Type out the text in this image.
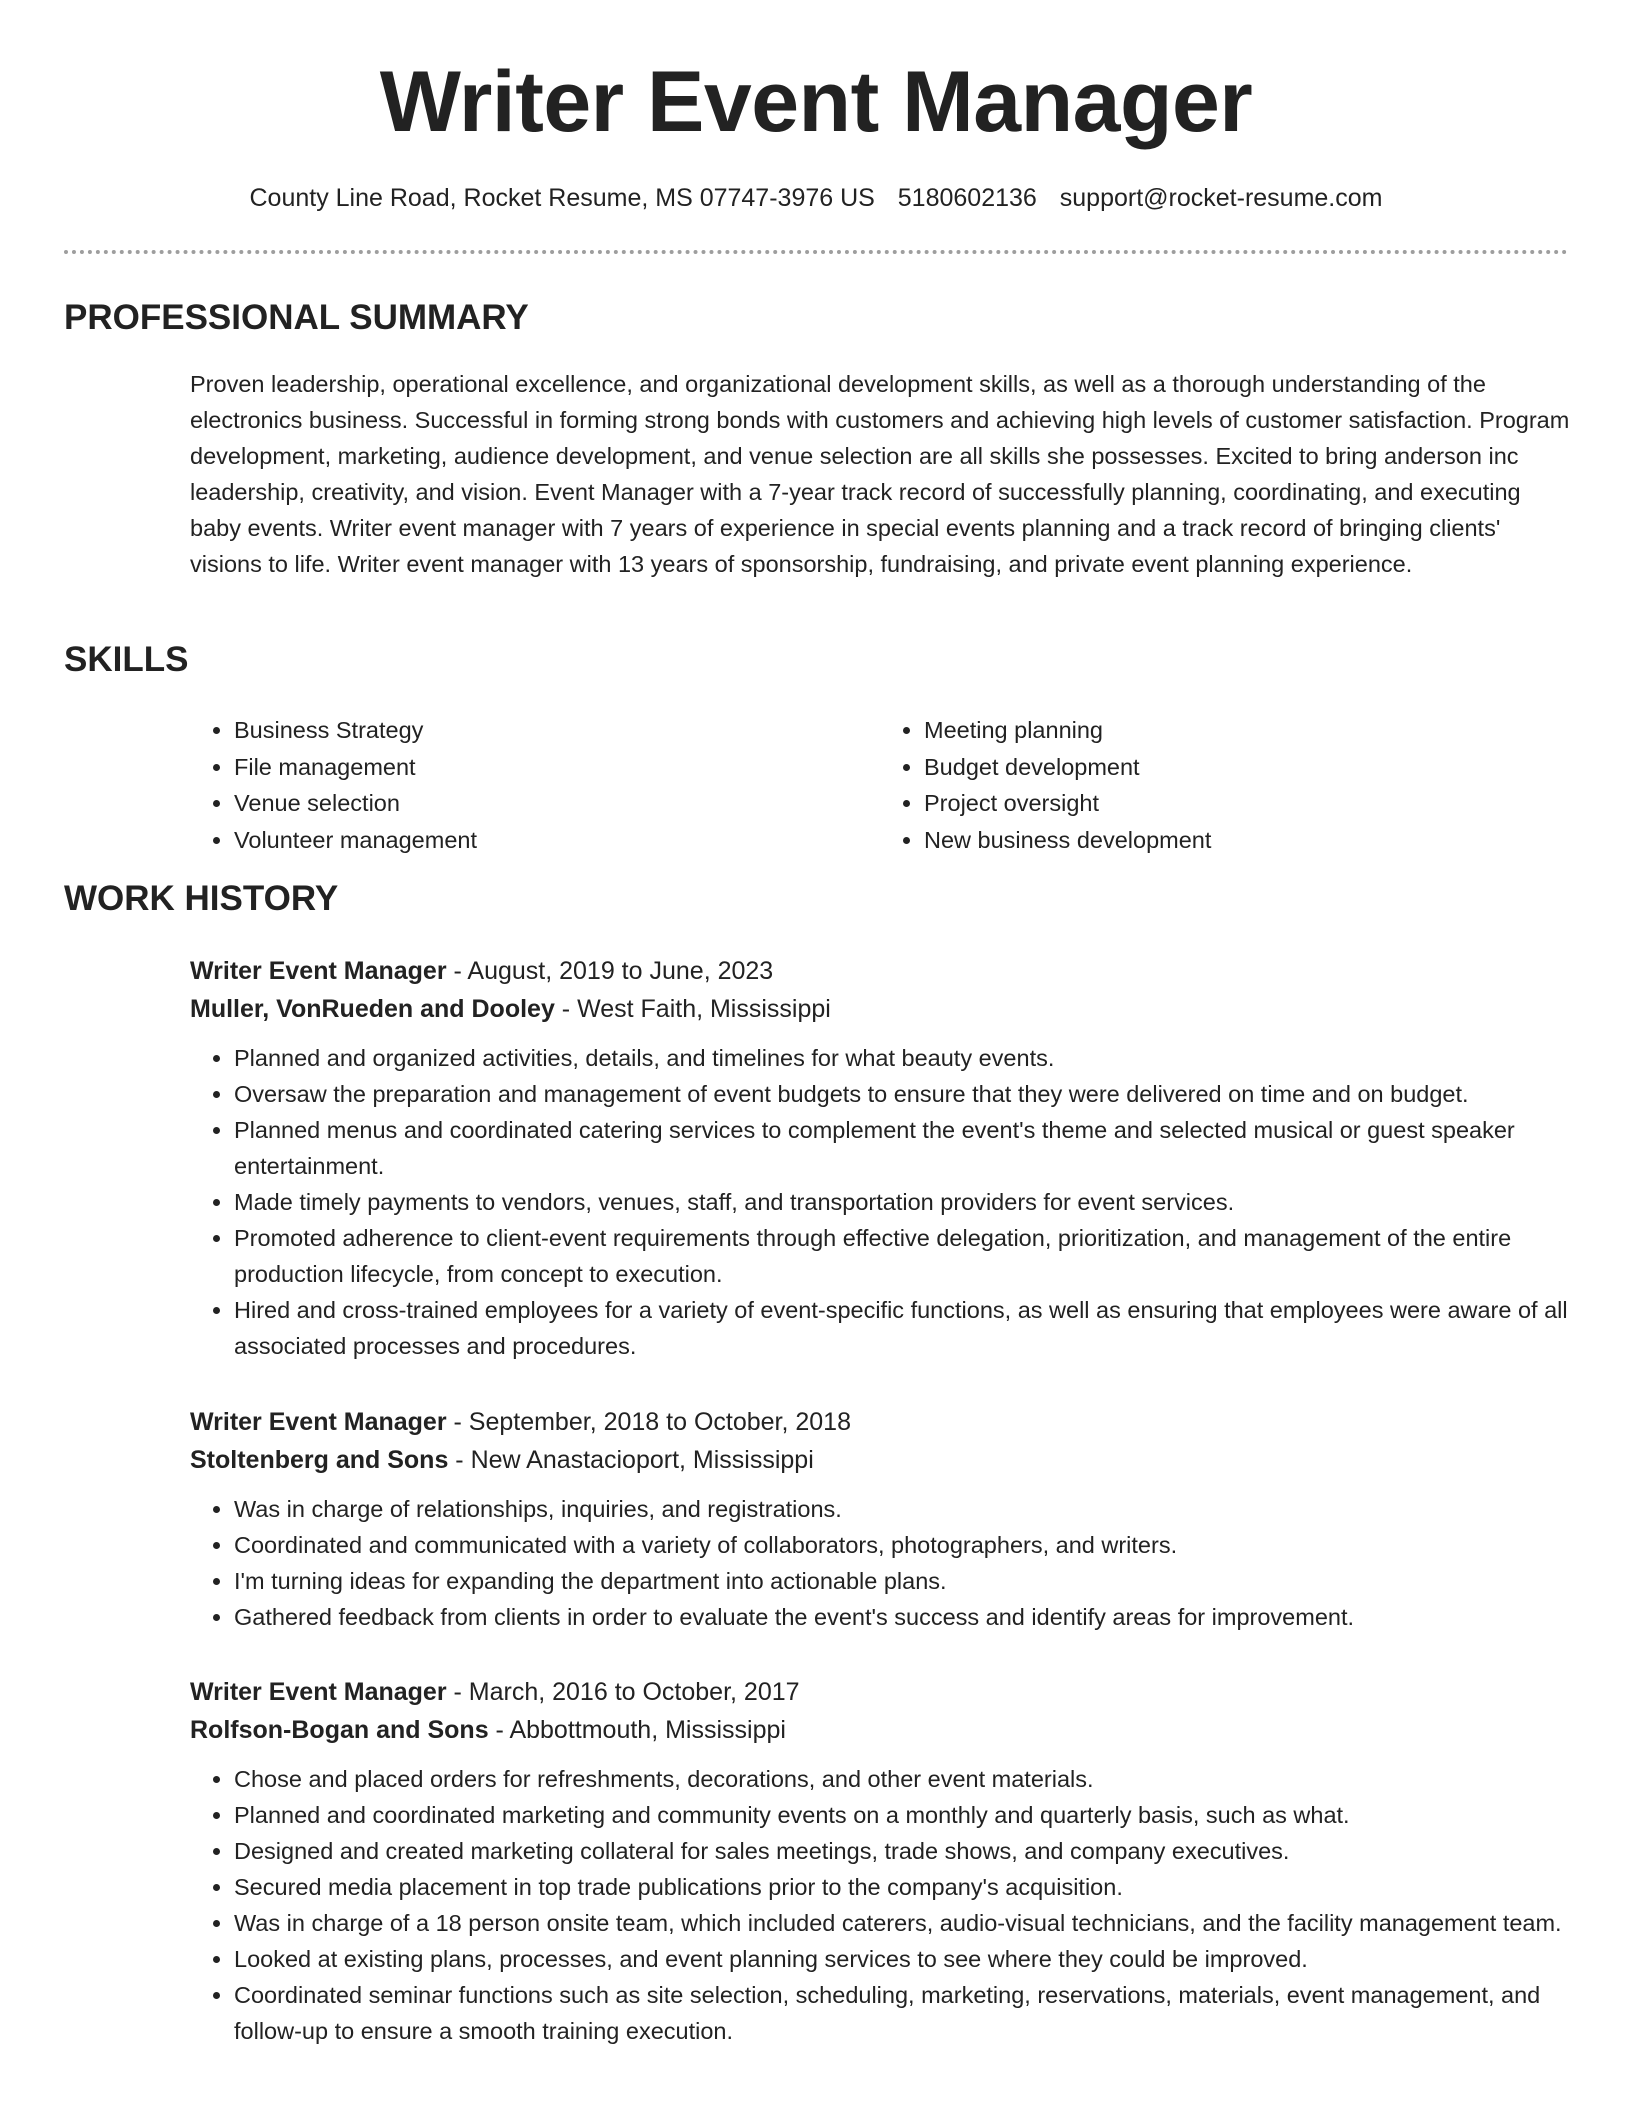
Writer Event Manager
County Line Road, Rocket Resume, MS 07747-3976 US 5180602136 support@rocket-resume.com
PROFESSIONAL SUMMARY

Proven leadership, operational excellence, and organizational development skills, as well as a thorough understanding of the electronics business. Successful in forming strong bonds with customers and achieving high levels of customer satisfaction. Program development, marketing, audience development, and venue selection are all skills she possesses. Excited to bring anderson inc leadership, creativity, and vision. Event Manager with a 7-year track record of successfully planning, coordinating, and executing baby events. Writer event manager with 7 years of experience in special events planning and a track record of bringing clients' visions to life. Writer event manager with 13 years of sponsorship, fundraising, and private event planning experience.

SKILLS
• Business Strategy
• File management
• Venue selection
• Volunteer management
• Meeting planning
• Budget development
• Project oversight
• New business development
WORK HISTORY
Writer Event Manager - August, 2019 to June, 2023
Muller, VonRueden and Dooley - West Faith, Mississippi
• Planned and organized activities, details, and timelines for what beauty events.
• Oversaw the preparation and management of event budgets to ensure that they were delivered on time and on budget.
• Planned menus and coordinated catering services to complement the event's theme and selected musical or guest speaker entertainment.
• Made timely payments to vendors, venues, staff, and transportation providers for event services.
• Promoted adherence to client-event requirements through effective delegation, prioritization, and management of the entire production lifecycle, from concept to execution.
• Hired and cross-trained employees for a variety of event-specific functions, as well as ensuring that employees were aware of all associated processes and procedures.
Writer Event Manager - September, 2018 to October, 2018
Stoltenberg and Sons - New Anastacioport, Mississippi
• Was in charge of relationships, inquiries, and registrations.
• Coordinated and communicated with a variety of collaborators, photographers, and writers.
• I'm turning ideas for expanding the department into actionable plans.
• Gathered feedback from clients in order to evaluate the event's success and identify areas for improvement.
Writer Event Manager - March, 2016 to October, 2017
Rolfson-Bogan and Sons - Abbottmouth, Mississippi
• Chose and placed orders for refreshments, decorations, and other event materials.
• Planned and coordinated marketing and community events on a monthly and quarterly basis, such as what.
• Designed and created marketing collateral for sales meetings, trade shows, and company executives.
• Secured media placement in top trade publications prior to the company's acquisition.
• Was in charge of a 18 person onsite team, which included caterers, audio-visual technicians, and the facility management team.
• Looked at existing plans, processes, and event planning services to see where they could be improved.
• Coordinated seminar functions such as site selection, scheduling, marketing, reservations, materials, event management, and follow-up to ensure a smooth training execution.
